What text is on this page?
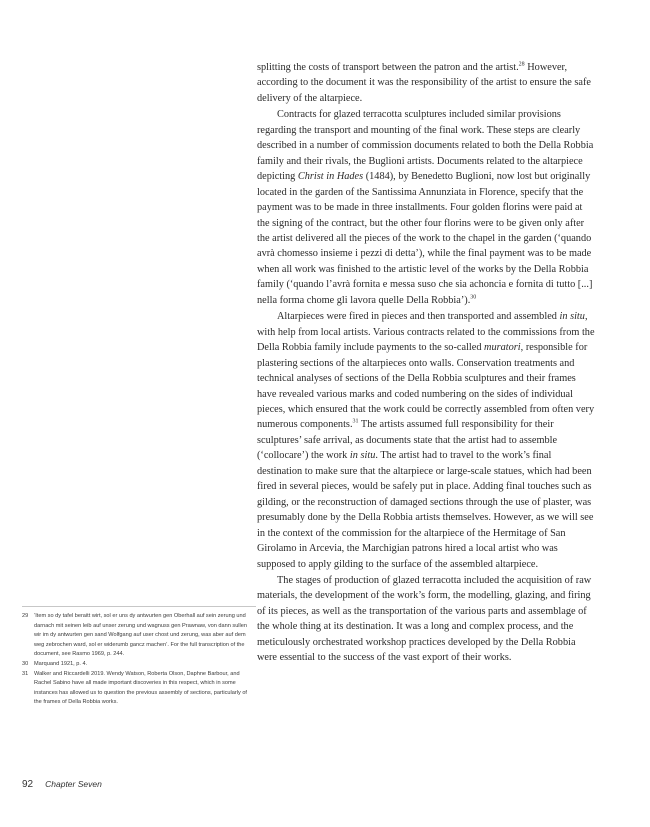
splitting the costs of transport between the patron and the artist.$^{28}$ However, according to the document it was the responsibility of the artist to ensure the safe delivery of the altarpiece.

Contracts for glazed terracotta sculptures included similar provisions regarding the transport and mounting of the final work. These steps are clearly described in a number of commission documents related to both the Della Robbia family and their rivals, the Buglioni artists. Documents related to the altarpiece depicting Christ in Hades (1484), by Benedetto Buglioni, now lost but originally located in the garden of the Santissima Annunziata in Florence, specify that the payment was to be made in three installments. Four golden florins were paid at the signing of the contract, but the other four florins were to be given only after the artist delivered all the pieces of the work to the chapel in the garden (‘quando avrà chomesso insieme i pezzi di detta’), while the final payment was to be made when all work was finished to the artistic level of the works by the Della Robbia family (‘quando l’avrà fornita e messa suso che sia achoncia e fornita di tutto [...] nella forma chome gli lavora quelle Della Robbia’).$^{30}$

Altarpieces were fired in pieces and then transported and assembled in situ, with help from local artists. Various contracts related to the commissions from the Della Robbia family include payments to the so-called muratori, responsible for plastering sections of the altarpieces onto walls. Conservation treatments and technical analyses of sections of the Della Robbia sculptures and their frames have revealed various marks and coded numbering on the sides of individual pieces, which ensured that the work could be correctly assembled from often very numerous components.$^{31}$ The artists assumed full responsibility for their sculptures’ safe arrival, as documents state that the artist had to assemble (‘collocare’) the work in situ. The artist had to travel to the work’s final destination to make sure that the altarpiece or large-scale statues, which had been fired in several pieces, would be safely put in place. Adding final touches such as gilding, or the reconstruction of damaged sections through the use of plaster, was presumably done by the Della Robbia artists themselves. However, as we will see in the context of the commission for the altarpiece of the Hermitage of San Girolamo in Arcevia, the Marchigian patrons hired a local artist who was supposed to apply gilding to the surface of the assembled altarpiece.

The stages of production of glazed terracotta included the acquisition of raw materials, the development of the work’s form, the modelling, glazing, and firing of its pieces, as well as the transportation of the various parts and assemblage of the whole thing at its destination. It was a long and complex process, and the meticulously orchestrated workshop practices developed by the Della Robbia were essential to the success of the vast export of their works.

29	‘Item so dy tafel beraitt wirt, sol er uns dy antwurten gen Oberhall auf sein zerung und darnach mit seinen leib auf unser zerung und wagnuss gen Prawnaw, von dann sullen wir im dy antwurten gen sand Wolfgang auf user chost und zerung, was aber auf dem weg zebrochen ward, sol er widerumb gancz machen’. For the full transcription of the document, see Rasmo 1969, p. 244.
30	Marquand 1921, p. 4.
31	Walker and Riccardelli 2019. Wendy Watson, Roberta Olson, Daphne Barbour, and Rachel Sabino have all made important discoveries in this respect, which in some instances has allowed us to question the previous assembly of sections, particularly of the frames of Della Robbia works.
92 Chapter Seven
